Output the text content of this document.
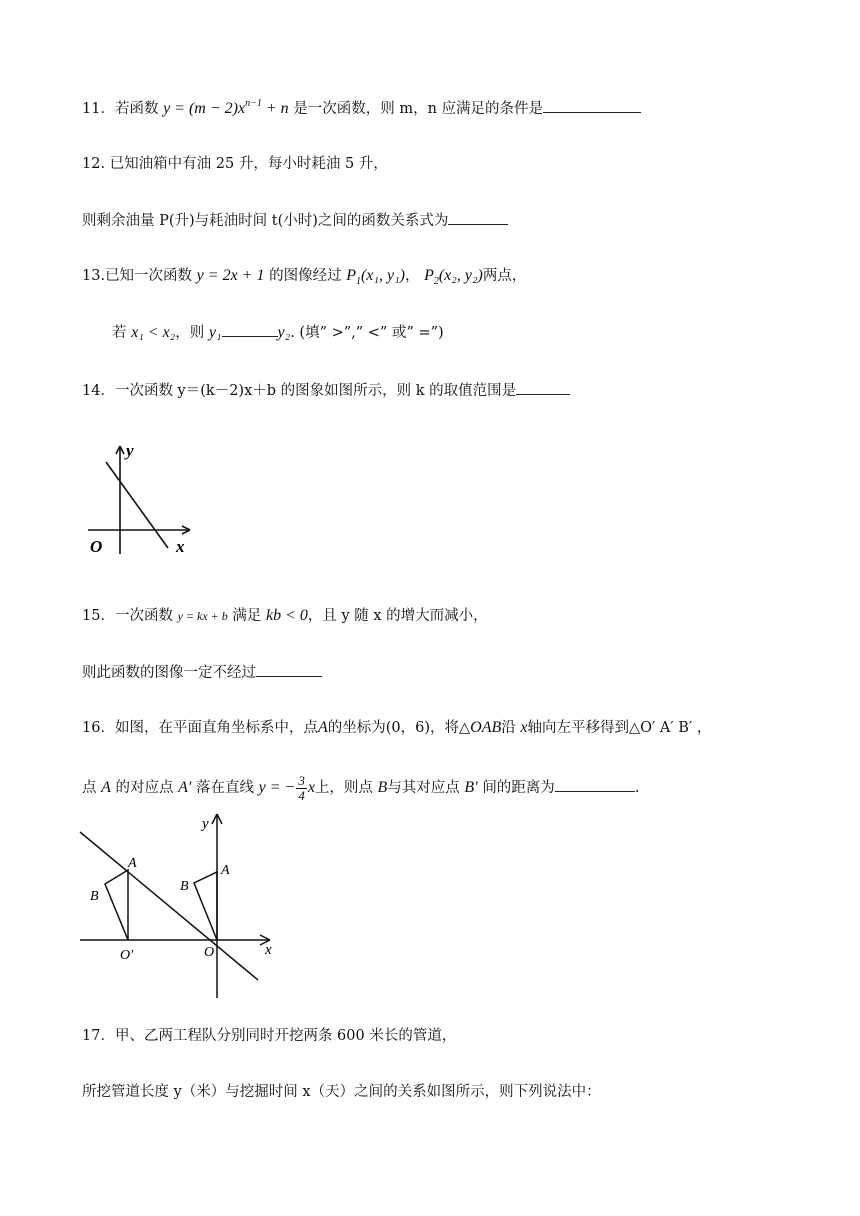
11．若函数 $y = (m - 2)x^{n-1} + n$ 是一次函数，则 m，n 应满足的条件是
12. 已知油箱中有油 25 升，每小时耗油 5 升，
则剩余油量 P(升)与耗油时间 t(小时)之间的函数关系式为
13.已知一次函数 y = 2x + 1 的图像经过 $P_1(x_1$, y₁)， $P_2(x_2$, y₂)两点，
若 x₁ < x₂，则 y₁	y₂. (填” >”,” <” 或” =”)
14．一次函数 y＝(k－2)x＋b 的图象如图所示，则 k 的取值范围是
y
x
O
15．一次函数 y = kx + b 满足 kb < 0，且 y 随 x 的增大而减小，
则此函数的图像一定不经过
16．如图，在平面直角坐标系中，点A的坐标为(0，6)，将△OAB沿 x轴向左平移得到△O′ A′ B′ ，
点 A 的对应点 A′ 落在直线 y = − $\frac{3}{4}$ x上，则点 B与其对应点 B′ 间的距离为	.
y
x
A
B
O′
A
B
O
17．甲、乙两工程队分别同时开挖两条 600 米长的管道，
所挖管道长度 y（米）与挖掘时间 x（天）之间的关系如图所示，则下列说法中：
